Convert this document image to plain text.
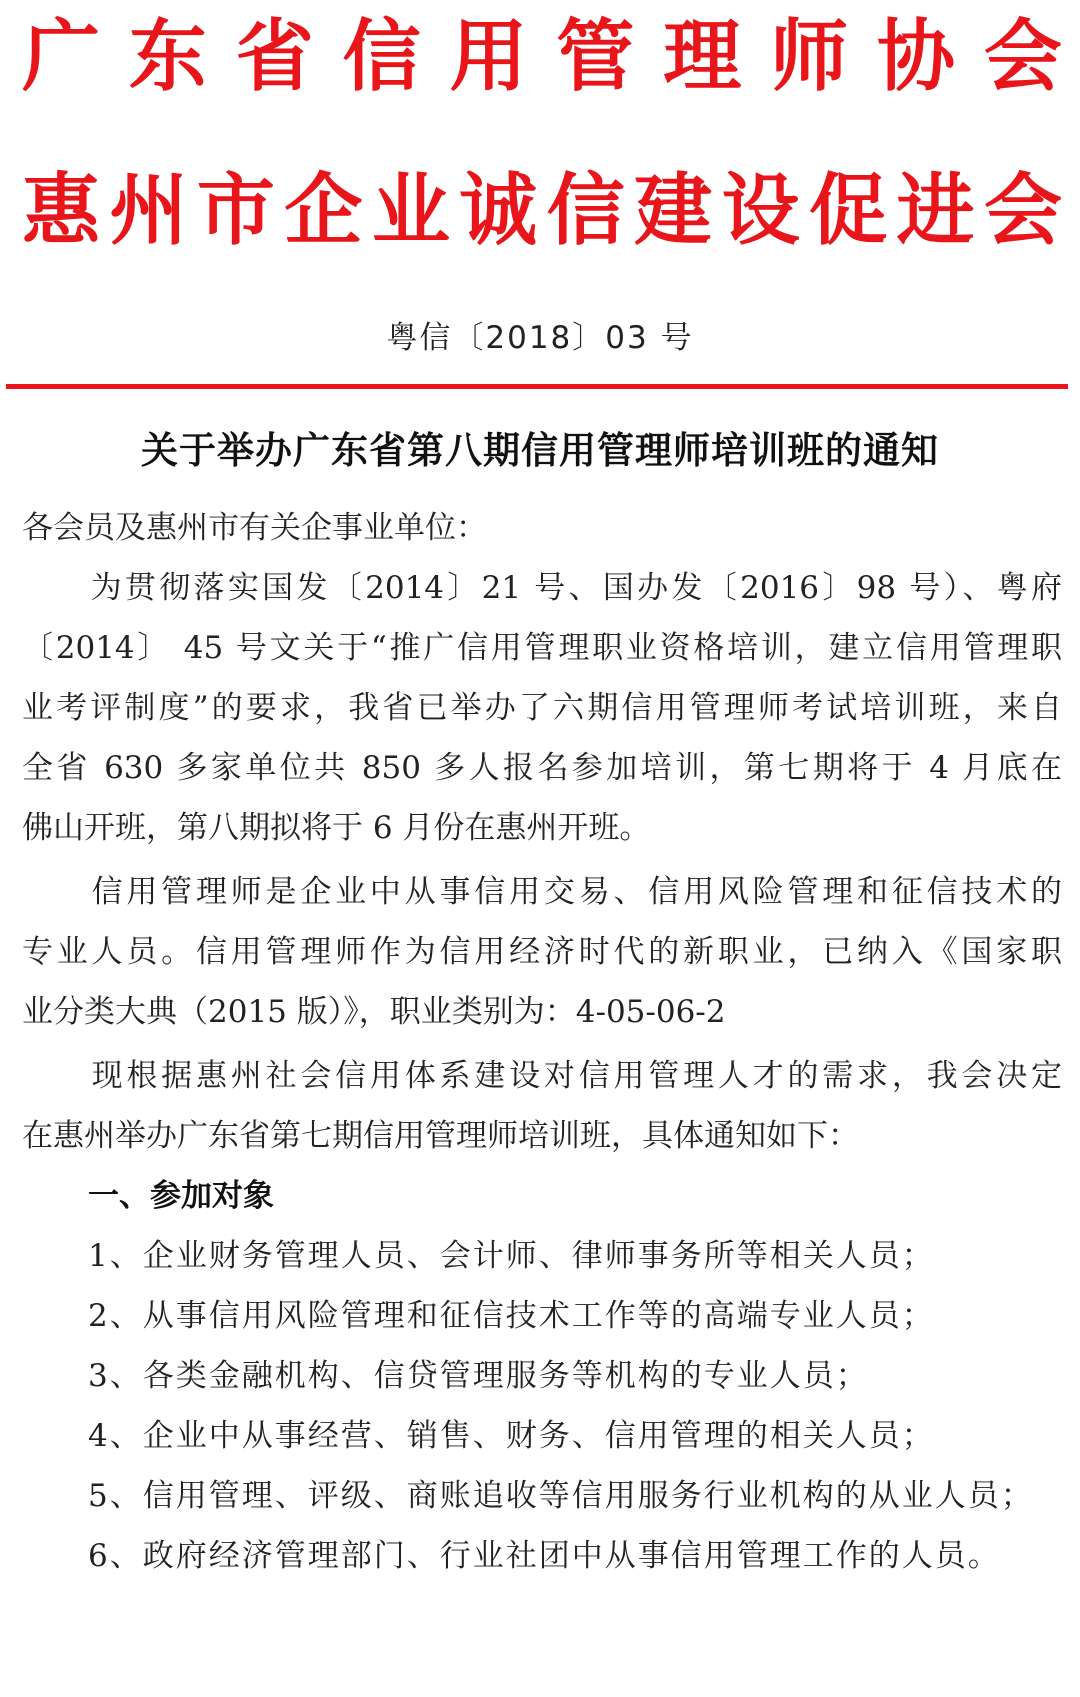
广 东 省 信 用 管 理 师 协 会
惠 州 市 企 业 诚 信 建 设 促 进 会
粤信〔2018〕03 号
关于举办广东省第八期信用管理师培训班的通知
各会员及惠州市有关企事业单位：
　　为贯彻落实国发〔2014〕21 号、国办发〔2016〕98 号）、粤府
〔2014〕 45 号文关于“推广信用管理职业资格培训，建立信用管理职
业考评制度”的要求，我省已举办了六期信用管理师考试培训班，来自
全省 630 多家单位共 850 多人报名参加培训，第七期将于 4 月底在
佛山开班，第八期拟将于 6 月份在惠州开班。
　　信用管理师是企业中从事信用交易、信用风险管理和征信技术的
专业人员。信用管理师作为信用经济时代的新职业，已纳入《国家职
业分类大典（2015 版）》，职业类别为：4-05-06-2
　　现根据惠州社会信用体系建设对信用管理人才的需求，我会决定
在惠州举办广东省第七期信用管理师培训班，具体通知如下：
一、参加对象
1、企业财务管理人员、会计师、律师事务所等相关人员；
2、从事信用风险管理和征信技术工作等的高端专业人员；
3、各类金融机构、信贷管理服务等机构的专业人员；
4、企业中从事经营、销售、财务、信用管理的相关人员；
5、信用管理、评级、商账追收等信用服务行业机构的从业人员；
6、政府经济管理部门、行业社团中从事信用管理工作的人员。
